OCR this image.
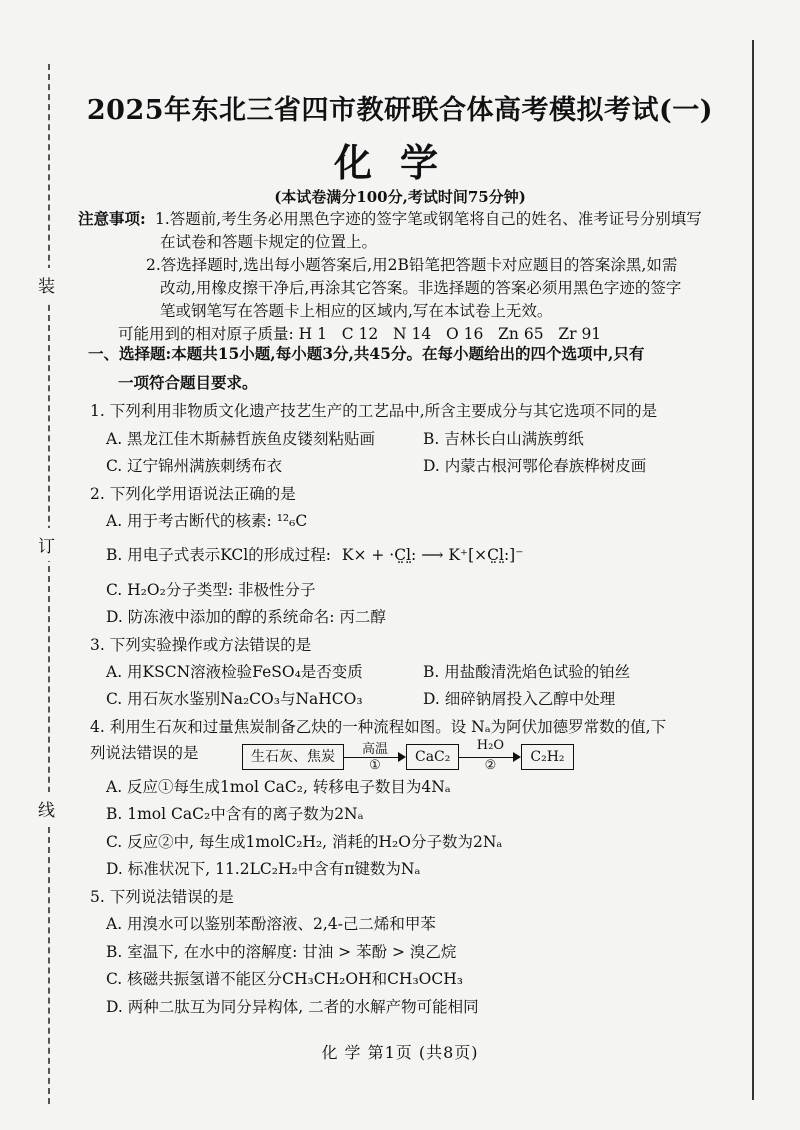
装
订
线
2025年东北三省四市教研联合体高考模拟考试(一)
化学
(本试卷满分100分,考试时间75分钟)
注意事项: 1.答题前,考生务必用黑色字迹的签字笔或钢笔将自己的姓名、准考证号分别填写
在试卷和答题卡规定的位置上。
2.答选择题时,选出每小题答案后,用2B铅笔把答题卡对应题目的答案涂黑,如需
改动,用橡皮擦干净后,再涂其它答案。非选择题的答案必须用黑色字迹的签字
笔或钢笔写在答题卡上相应的区域内,写在本试卷上无效。
可能用到的相对原子质量: H 1   C 12   N 14   O 16   Zn 65   Zr 91
一、选择题:本题共15小题,每小题3分,共45分。在每小题给出的四个选项中,只有
一项符合题目要求。
1. 下列利用非物质文化遗产技艺生产的工艺品中,所含主要成分与其它选项不同的是
A. 黑龙江佳木斯赫哲族鱼皮镂刻粘贴画	B. 吉林长白山满族剪纸
C. 辽宁锦州满族刺绣布衣	D. 内蒙古根河鄂伦春族桦树皮画
2. 下列化学用语说法正确的是
A. 用于考古断代的核素: ¹²₆C
B. 用电子式表示KCl的形成过程: K× + ·C̤l̤: ⟶ K⁺[×C̤l̤:]⁻
C. H₂O₂分子类型: 非极性分子
D. 防冻液中添加的醇的系统命名: 丙二醇
3. 下列实验操作或方法错误的是
A. 用KSCN溶液检验FeSO₄是否变质	B. 用盐酸清洗焰色试验的铂丝
C. 用石灰水鉴别Na₂CO₃与NaHCO₃	D. 细碎钠屑投入乙醇中处理
4. 利用生石灰和过量焦炭制备乙炔的一种流程如图。设 Nₐ为阿伏加德罗常数的值,下
列说法错误的是	生石灰、焦炭	高温
①
CaC₂
H₂O
②
C₂H₂
A. 反应①每生成1mol CaC₂, 转移电子数目为4Nₐ
B. 1mol CaC₂中含有的离子数为2Nₐ
C. 反应②中, 每生成1molC₂H₂, 消耗的H₂O分子数为2Nₐ
D. 标准状况下, 11.2LC₂H₂中含有π键数为Nₐ
5. 下列说法错误的是
A. 用溴水可以鉴别苯酚溶液、2,4-己二烯和甲苯
B. 室温下, 在水中的溶解度: 甘油 > 苯酚 > 溴乙烷
C. 核磁共振氢谱不能区分CH₃CH₂OH和CH₃OCH₃
D. 两种二肽互为同分异构体, 二者的水解产物可能相同
化 学 第1页 (共8页)
